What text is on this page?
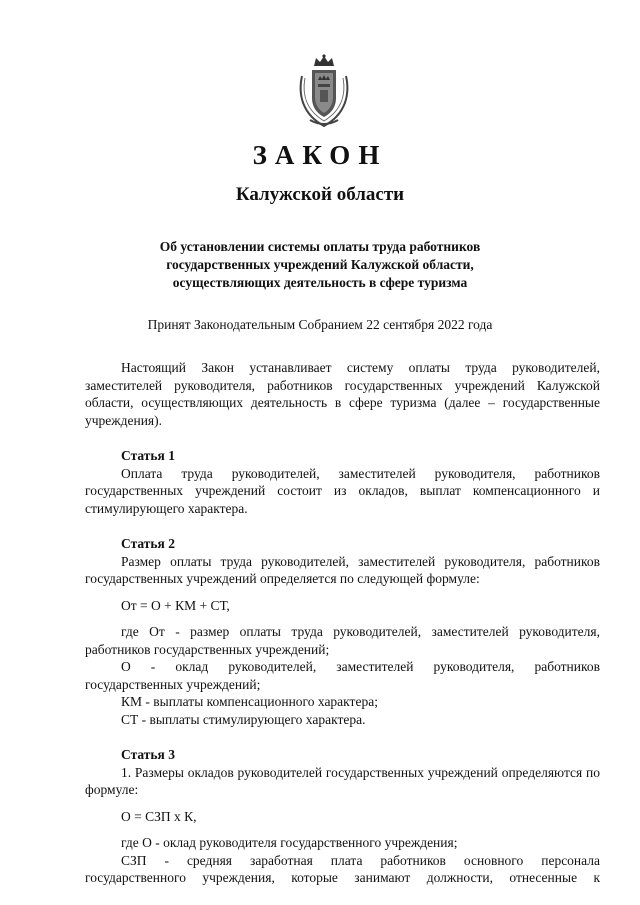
ЗАКОН
Калужской области
Об установлении системы оплаты труда работников
государственных учреждений Калужской области,
осуществляющих деятельность в сфере туризма
Принят Законодательным Собранием 22 сентября 2022 года

Настоящий Закон устанавливает систему оплаты труда руководителей, заместителей руководителя, работников государственных учреждений Калужской области, осуществляющих деятельность в сфере туризма (далее – государственные учреждения).

Статья 1

Оплата труда руководителей, заместителей руководителя, работников государственных учреждений состоит из окладов, выплат компенсационного и стимулирующего характера.

Статья 2

Размер оплаты труда руководителей, заместителей руководителя, работников государственных учреждений определяется по следующей формуле:

От = О + КМ + СТ,

где От - размер оплаты труда руководителей, заместителей руководителя, работников государственных учреждений;

О - оклад руководителей, заместителей руководителя, работников государственных учреждений;

КМ - выплаты компенсационного характера;

СТ - выплаты стимулирующего характера.

Статья 3

1. Размеры окладов руководителей государственных учреждений определяются по формуле:

О = СЗП х К,

где О - оклад руководителя государственного учреждения;

СЗП - средняя заработная плата работников основного персонала государственного учреждения, которые занимают должности, отнесенные к
